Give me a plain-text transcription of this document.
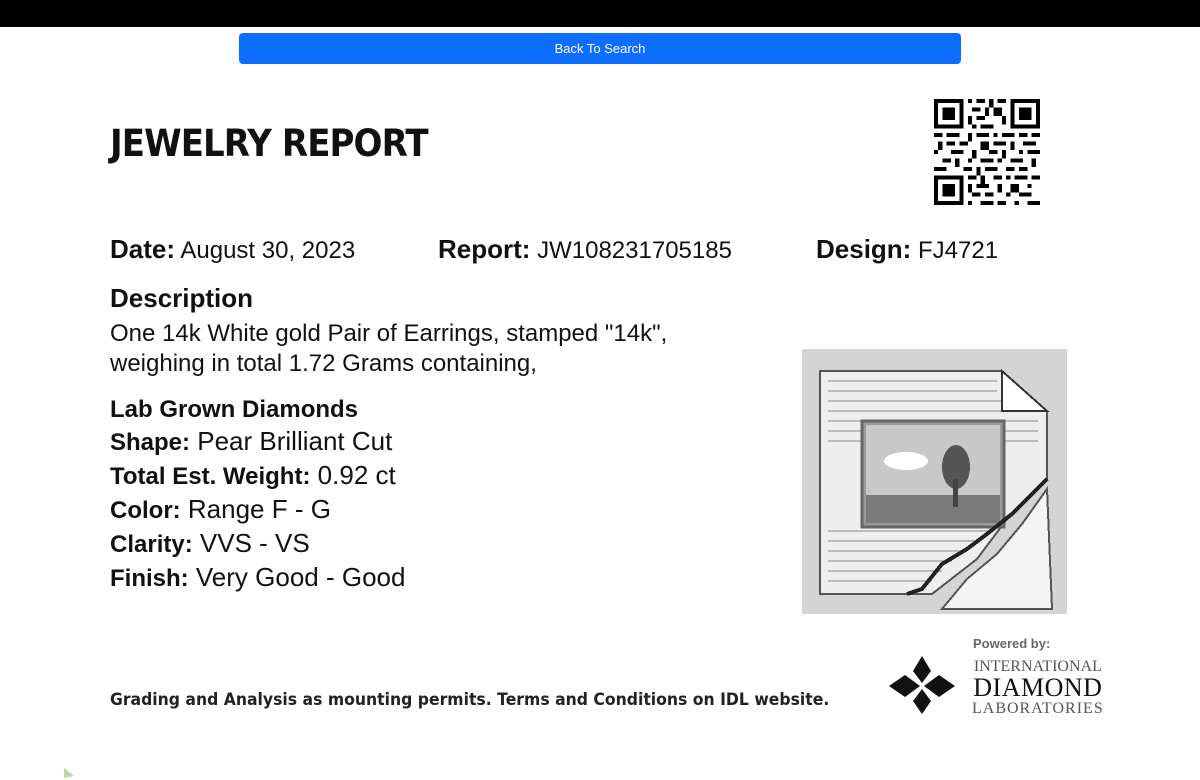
Back To Search
JEWELRY REPORT
Date: August 30, 2023	Report: JW108231705185	Design: FJ4721
Description
One 14k White gold Pair of Earrings, stamped "14k",
weighing in total 1.72 Grams containing,
Lab Grown Diamonds
Shape: Pear Brilliant Cut
Total Est. Weight: 0.92 ct
Color: Range F - G
Clarity: VVS - VS
Finish: Very Good - Good
Grading and Analysis as mounting permits. Terms and Conditions on IDL website.
Powered by:
INTERNATIONAL
DIAMOND
LABORATORIES
